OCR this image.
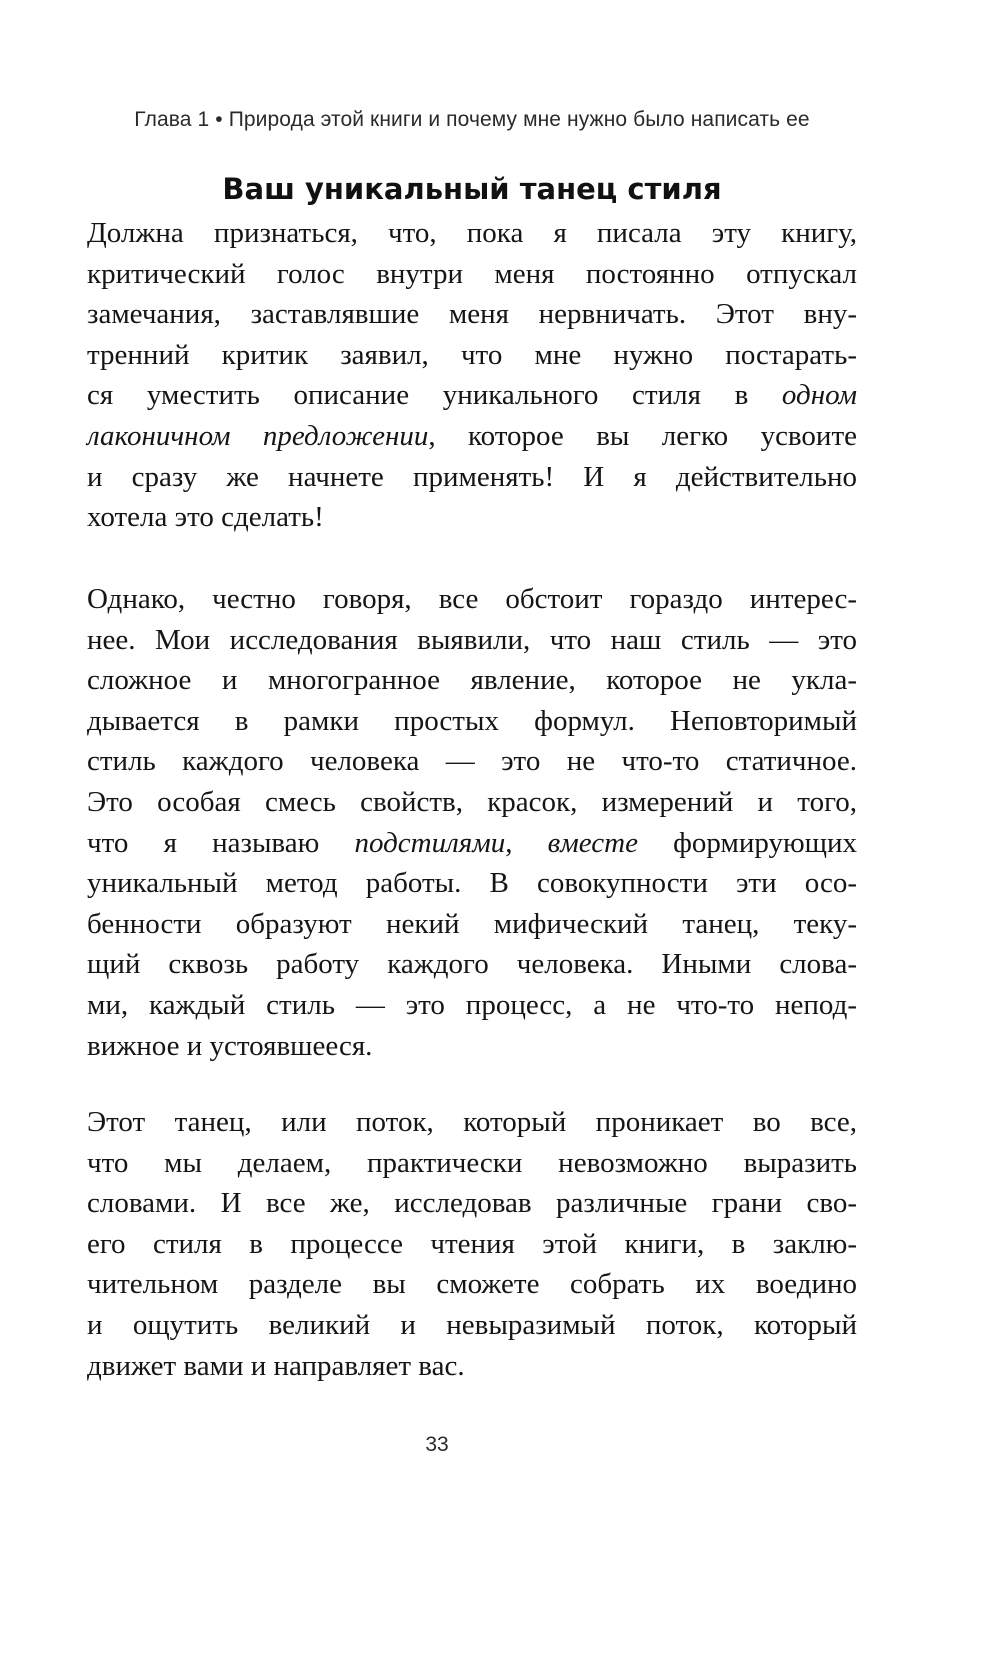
Глава 1 • Природа этой книги и почему мне нужно было написать ее
Ваш уникальный танец стиля
Должна признаться, что, пока я писала эту книгу,
критический голос внутри меня постоянно отпускал
замечания, заставлявшие меня нервничать. Этот вну-
тренний критик заявил, что мне нужно постарать-
ся уместить описание уникального стиля в одном
лаконичном предложении, которое вы легко усвоите
и сразу же начнете применять! И я действительно
хотела это сделать!
Однако, честно говоря, все обстоит гораздо интерес-
нее. Мои исследования выявили, что наш стиль — это
сложное и многогранное явление, которое не укла-
дывается в рамки простых формул. Неповторимый
стиль каждого человека — это не что-то статичное.
Это особая смесь свойств, красок, измерений и того,
что я называю подстилями, вместе формирующих
уникальный метод работы. В совокупности эти осо-
бенности образуют некий мифический танец, теку-
щий сквозь работу каждого человека. Иными слова-
ми, каждый стиль — это процесс, а не что-то непод-
вижное и устоявшееся.
Этот танец, или поток, который проникает во все,
что мы делаем, практически невозможно выразить
словами. И все же, исследовав различные грани сво-
его стиля в процессе чтения этой книги, в заклю-
чительном разделе вы сможете собрать их воедино
и ощутить великий и невыразимый поток, который
движет вами и направляет вас.
33
